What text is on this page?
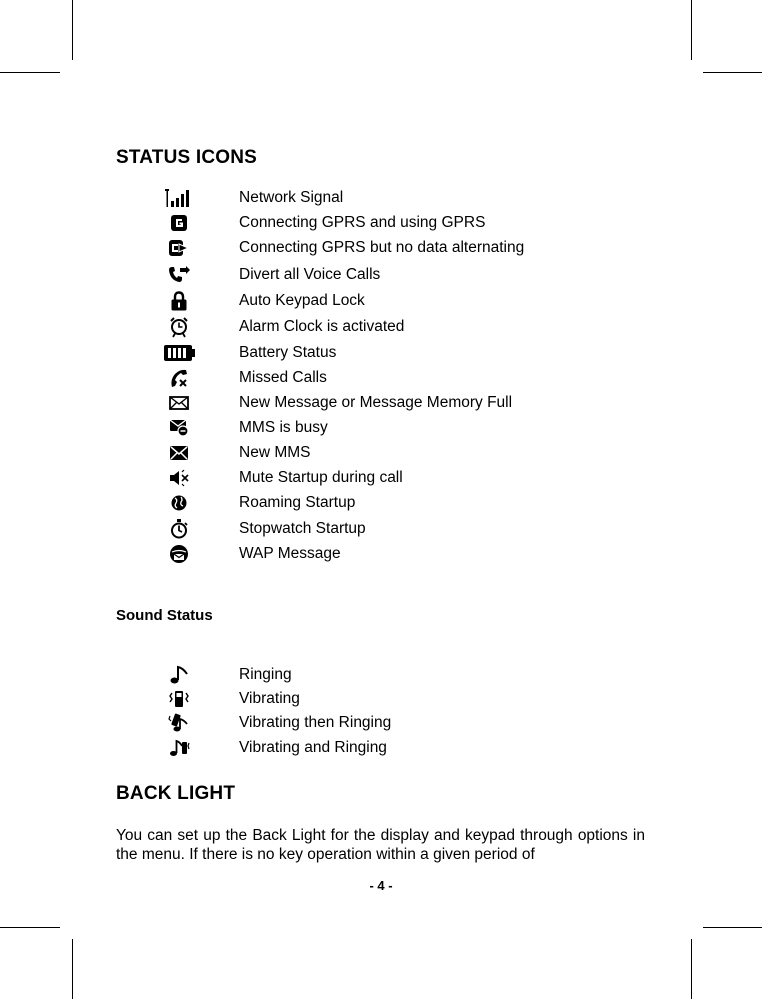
STATUS ICONS
Network Signal
Connecting GPRS and using GPRS
Connecting GPRS but no data alternating
Divert all Voice Calls
Auto Keypad Lock
Alarm Clock is activated
Battery Status
Missed Calls
New Message or Message Memory Full
MMS is busy
New MMS
Mute Startup during call
Roaming Startup
Stopwatch Startup
WAP Message
Sound Status
Ringing
Vibrating
Vibrating then Ringing
Vibrating and Ringing
BACK LIGHT

You can set up the Back Light for the display and keypad through options in the menu. If there is no key operation within a given period of

- 4 -
